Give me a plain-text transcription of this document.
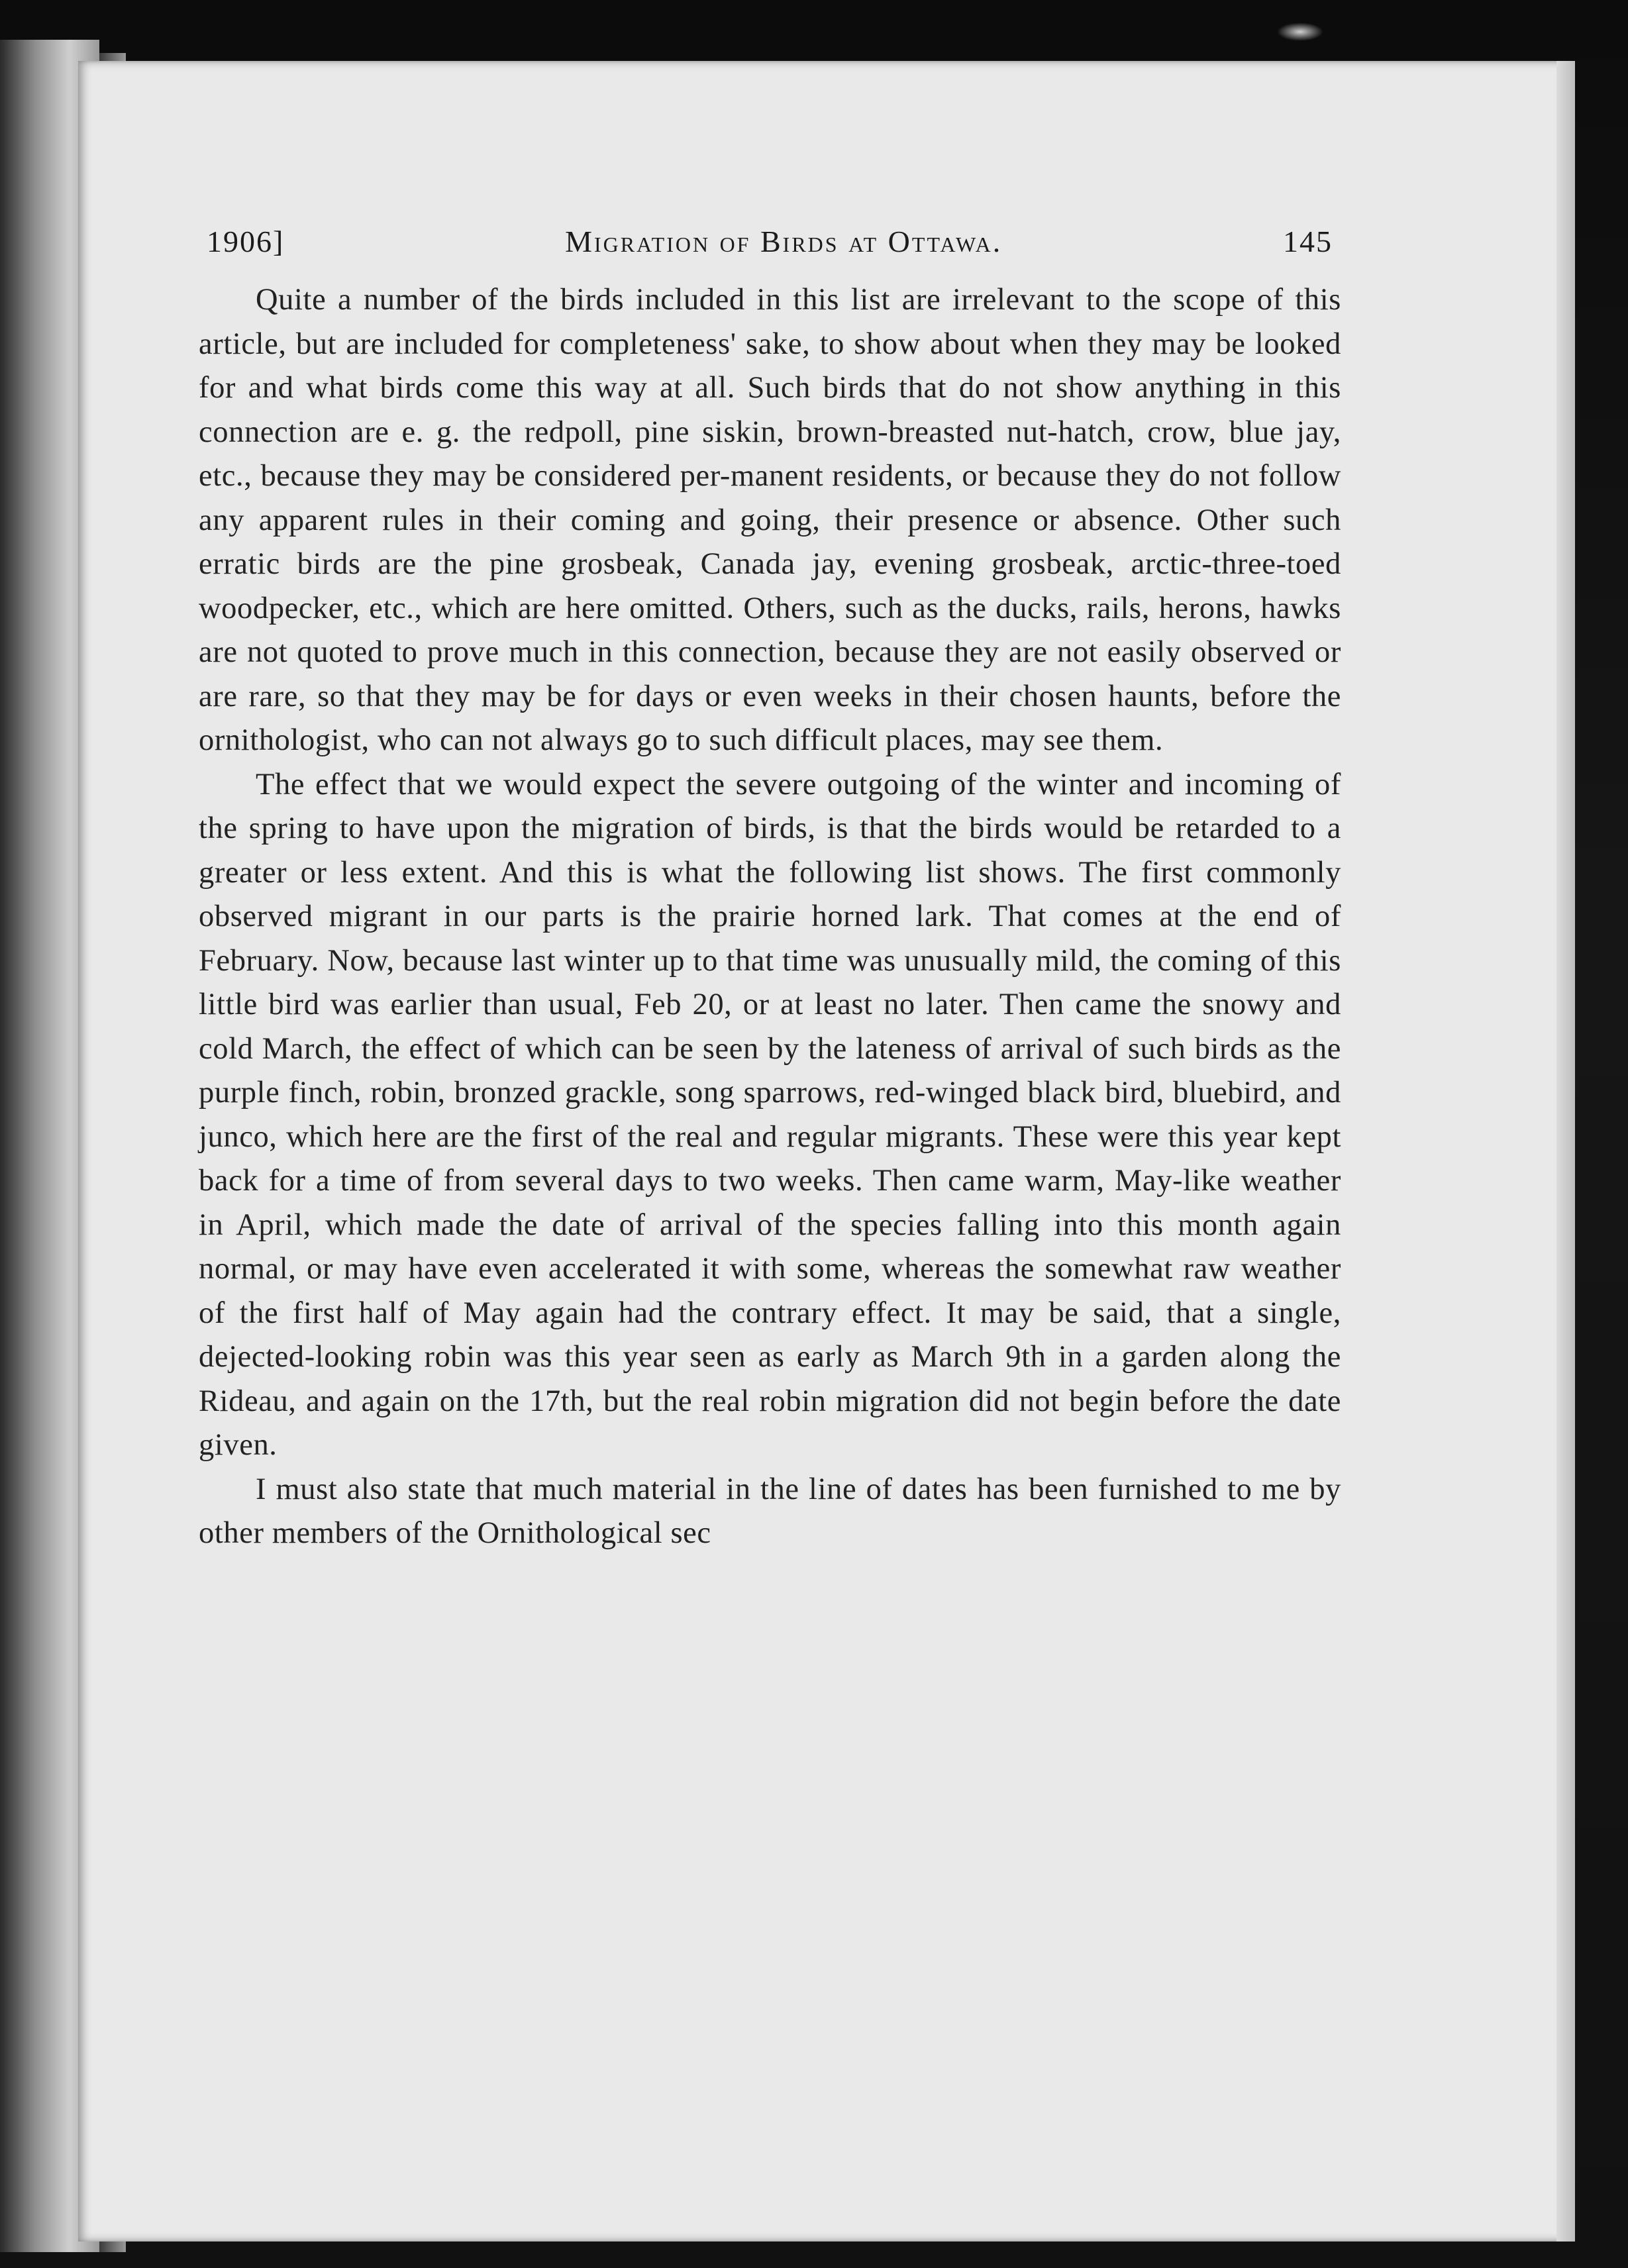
1906]	Migration of Birds at Ottawa.	145

Quite a number of the birds included in this list are irrelevant to the scope of this article, but are included for completeness' sake, to show about when they may be looked for and what birds come this way at all. Such birds that do not show anything in this connection are e. g. the redpoll, pine siskin, brown-breasted nut-hatch, crow, blue jay, etc., because they may be considered per-manent residents, or because they do not follow any apparent rules in their coming and going, their presence or absence. Other such erratic birds are the pine grosbeak, Canada jay, evening grosbeak, arctic-three-toed woodpecker, etc., which are here omitted. Others, such as the ducks, rails, herons, hawks are not quoted to prove much in this connection, because they are not easily observed or are rare, so that they may be for days or even weeks in their chosen haunts, before the ornithologist, who can not always go to such difficult places, may see them.

The effect that we would expect the severe outgoing of the winter and incoming of the spring to have upon the migration of birds, is that the birds would be retarded to a greater or less extent. And this is what the following list shows. The first commonly observed migrant in our parts is the prairie horned lark. That comes at the end of February. Now, because last winter up to that time was unusually mild, the coming of this little bird was earlier than usual, Feb 20, or at least no later. Then came the snowy and cold March, the effect of which can be seen by the lateness of arrival of such birds as the purple finch, robin, bronzed grackle, song sparrows, red-winged black bird, bluebird, and junco, which here are the first of the real and regular migrants. These were this year kept back for a time of from several days to two weeks. Then came warm, May-like weather in April, which made the date of arrival of the species falling into this month again normal, or may have even accelerated it with some, whereas the somewhat raw weather of the first half of May again had the contrary effect. It may be said, that a single, dejected-looking robin was this year seen as early as March 9th in a garden along the Rideau, and again on the 17th, but the real robin migration did not begin before the date given.

I must also state that much material in the line of dates has been furnished to me by other members of the Ornithological sec
